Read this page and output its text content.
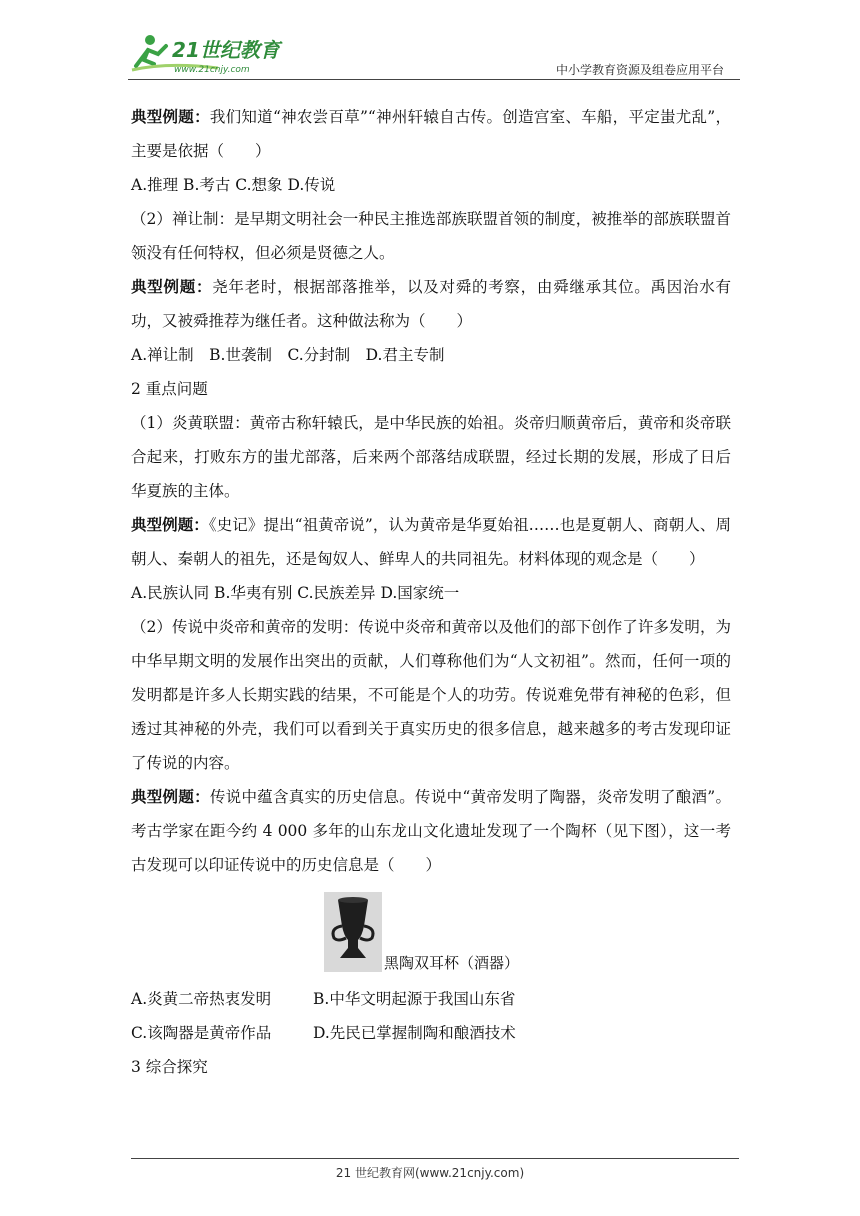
21世纪教育
www.21cnjy.com	中小学教育资源及组卷应用平台

典型例题：我们知道“神农尝百草”“神州轩辕自古传。创造宫室、车船，平定蚩尤乱”，主要是依据（　　）

A.推理 B.考古 C.想象 D.传说

（2）禅让制：是早期文明社会一种民主推选部族联盟首领的制度，被推举的部族联盟首领没有任何特权，但必须是贤德之人。

典型例题：尧年老时，根据部落推举，以及对舜的考察，由舜继承其位。禹因治水有功，又被舜推荐为继任者。这种做法称为（　　）

A.禅让制　B.世袭制　C.分封制　D.君主专制

2 重点问题

（1）炎黄联盟：黄帝古称轩辕氏，是中华民族的始祖。炎帝归顺黄帝后，黄帝和炎帝联合起来，打败东方的蚩尤部落，后来两个部落结成联盟，经过长期的发展，形成了日后华夏族的主体。

典型例题：《史记》提出“祖黄帝说”，认为黄帝是华夏始祖……也是夏朝人、商朝人、周朝人、秦朝人的祖先，还是匈奴人、鲜卑人的共同祖先。材料体现的观念是（　　）

A.民族认同 B.华夷有别 C.民族差异 D.国家统一

（2）传说中炎帝和黄帝的发明：传说中炎帝和黄帝以及他们的部下创作了许多发明，为中华早期文明的发展作出突出的贡献，人们尊称他们为“人文初祖”。然而，任何一项的发明都是许多人长期实践的结果，不可能是个人的功劳。传说难免带有神秘的色彩，但透过其神秘的外壳，我们可以看到关于真实历史的很多信息，越来越多的考古发现印证了传说的内容。

典型例题：传说中蕴含真实的历史信息。传说中“黄帝发明了陶器，炎帝发明了酿酒”。考古学家在距今约 4 000 多年的山东龙山文化遗址发现了一个陶杯（见下图），这一考古发现可以印证传说中的历史信息是（　　）

黑陶双耳杯（酒器）
A.炎黄二帝热衷发明	B.中华文明起源于我国山东省
C.该陶器是黄帝作品	D.先民已掌握制陶和酿酒技术

3 综合探究

21 世纪教育网(www.21cnjy.com)
